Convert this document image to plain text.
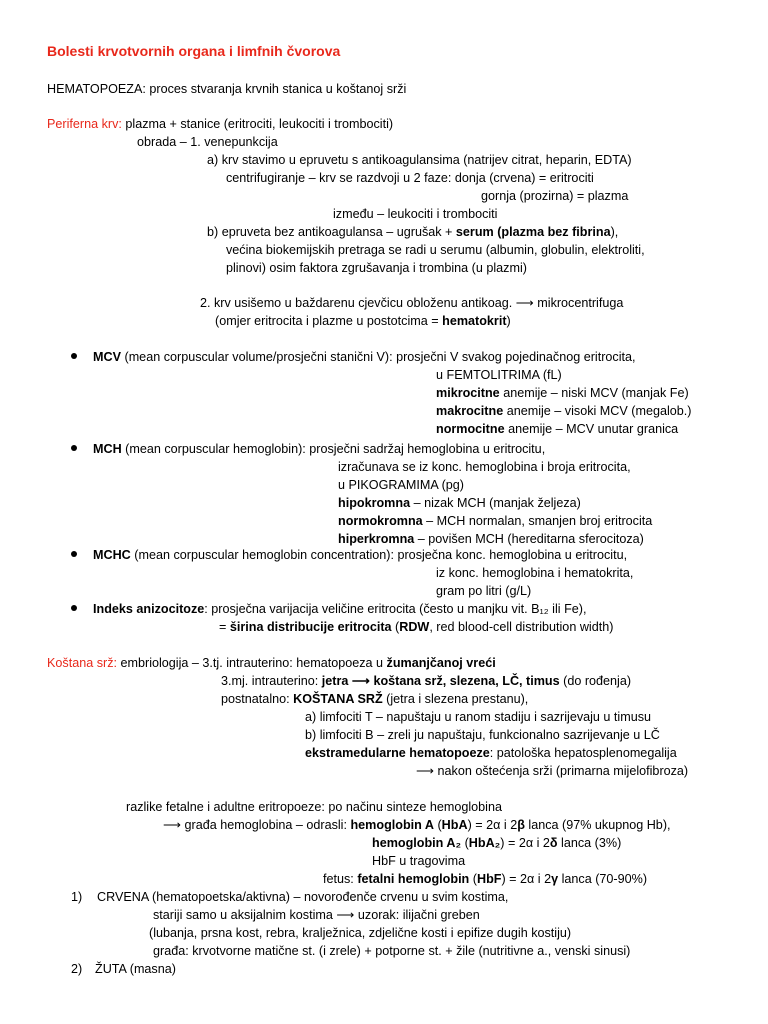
Bolesti krvotvornih organa i limfnih čvorova
HEMATOPOEZA: proces stvaranja krvnih stanica u koštanoj srži
Periferna krv: plazma + stanice (eritrociti, leukociti i trombociti)
obrada – 1. venepunkcija
a) krv stavimo u epruvetu s antikoagulansima (natrijev citrat, heparin, EDTA)
centrifugiranje – krv se razdvoji u 2 faze: donja (crvena) = eritrociti
gornja (prozirna) = plazma
između – leukociti i trombociti
b) epruveta bez antikoagulansa – ugrušak + serum (plazma bez fibrina),
većina biokemijskih pretraga se radi u serumu (albumin, globulin, elektroliti,
plinovi) osim faktora zgrušavanja i trombina (u plazmi)
2. krv usišemo u baždarenu cjevčicu obloženu antikoag. ⟶ mikrocentrifuga
(omjer eritrocita i plazme u postotcima = hematokrit)
MCV (mean corpuscular volume/prosječni stanični V): prosječni V svakog pojedinačnog eritrocita,
u FEMTOLITRIMA (fL)
mikrocitne anemije – niski MCV (manjak Fe)
makrocitne anemije – visoki MCV (megalob.)
normocitne anemije – MCV unutar granica
MCH (mean corpuscular hemoglobin): prosječni sadržaj hemoglobina u eritrocitu,
izračunava se iz konc. hemoglobina i broja eritrocita,
u PIKOGRAMIMA (pg)
hipokromna – nizak MCH (manjak željeza)
normokromna – MCH normalan, smanjen broj eritrocita
hiperkromna – povišen MCH (hereditarna sferocitoza)
MCHC (mean corpuscular hemoglobin concentration): prosječna konc. hemoglobina u eritrocitu,
iz konc. hemoglobina i hematokrita,
gram po litri (g/L)
Indeks anizocitoze: prosječna varijacija veličine eritrocita (često u manjku vit. B₁₂ ili Fe),
= širina distribucije eritrocita (RDW, red blood-cell distribution width)
Koštana srž: embriologija – 3.tj. intrauterino: hematopoeza u žumanjčanoj vreći
3.mj. intrauterino: jetra ⟶ koštana srž, slezena, LČ, timus (do rođenja)
postnatalno: KOŠTANA SRŽ (jetra i slezena prestanu),
a) limfociti T – napuštaju u ranom stadiju i sazrijevaju u timusu
b) limfociti B – zreli ju napuštaju, funkcionalno sazrijevanje u LČ
ekstramedularne hematopoeze: patološka hepatosplenomegalija
⟶ nakon oštećenja srži (primarna mijelofibroza)
razlike fetalne i adultne eritropoeze: po načinu sinteze hemoglobina
⟶ građa hemoglobina – odrasli: hemoglobin A (HbA) = 2α i 2β lanca (97% ukupnog Hb),
hemoglobin A₂ (HbA₂) = 2α i 2δ lanca (3%)
HbF u tragovima
fetus: fetalni hemoglobin (HbF) = 2α i 2γ lanca (70-90%)
1) CRVENA (hematopoetska/aktivna) – novorođenče crvenu u svim kostima,
stariji samo u aksijalnim kostima ⟶ uzorak: ilijačni greben
(lubanja, prsna kost, rebra, kralježnica, zdjelične kosti i epifize dugih kostiju)
građa: krvotvorne matične st. (i zrele) + potporne st. + žile (nutritivne a., venski sinusi)
2) ŽUTA (masna)
